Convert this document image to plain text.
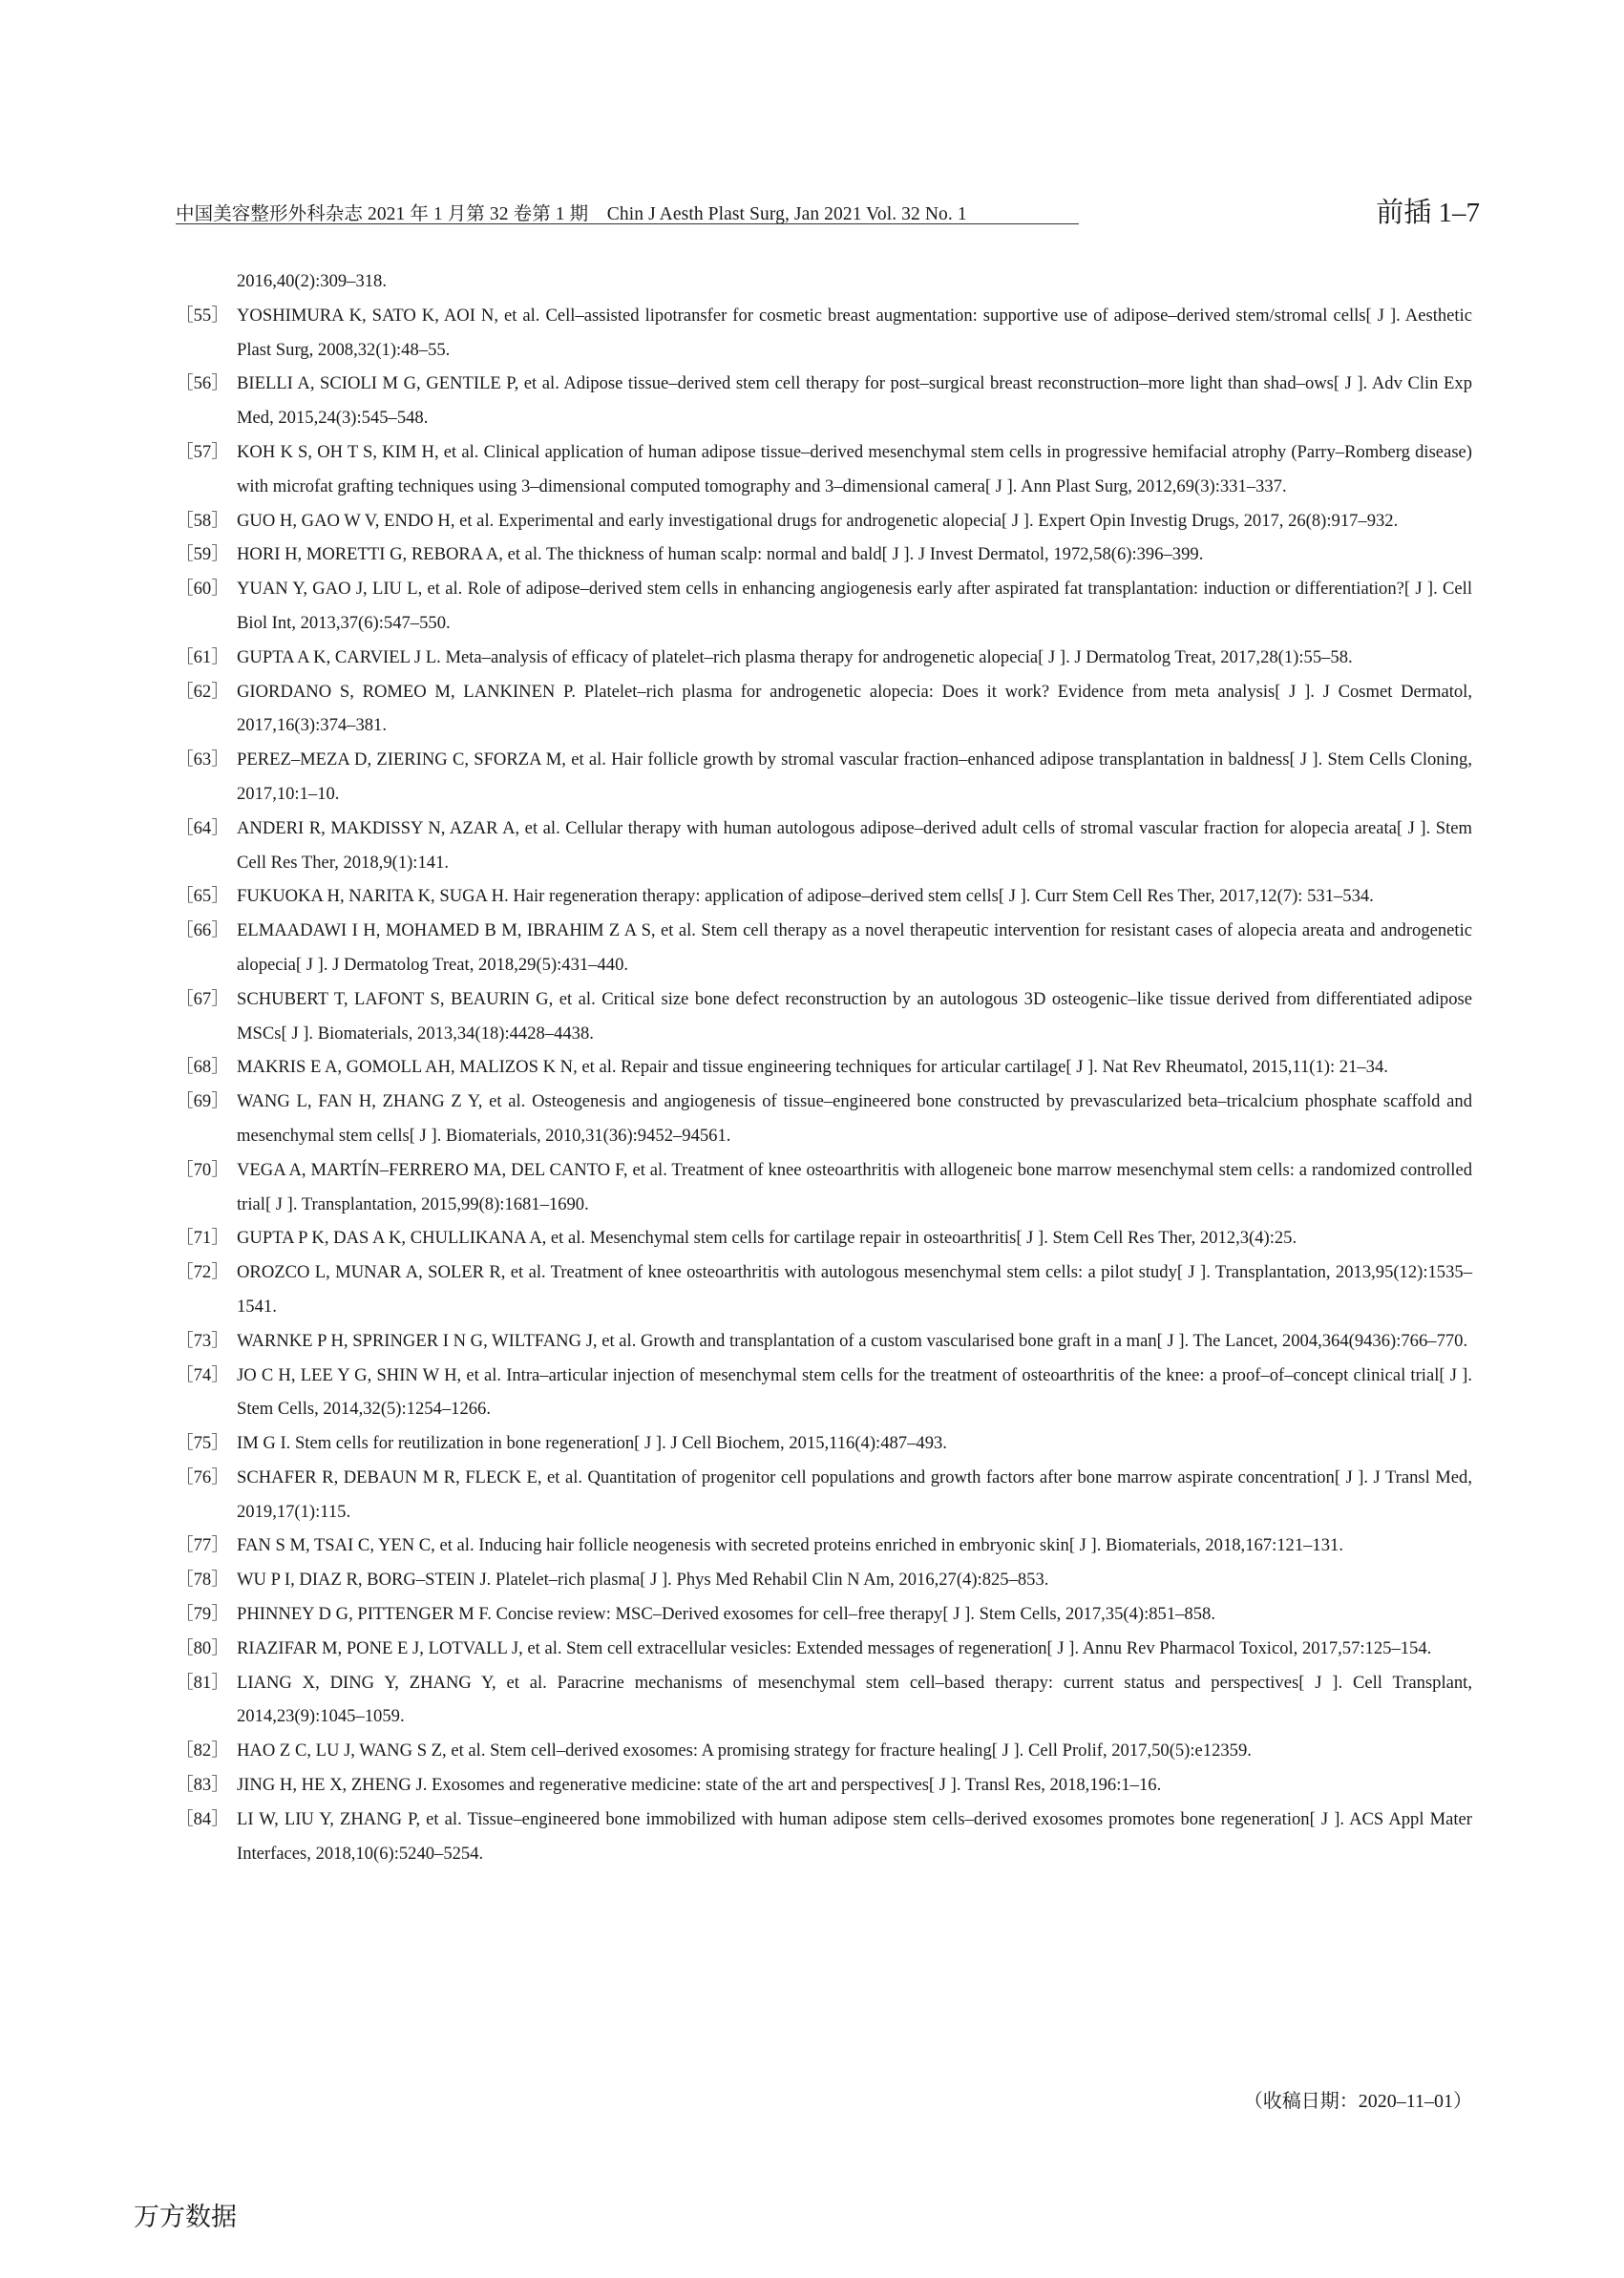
中国美容整形外科杂志 2021 年 1 月第 32 卷第 1 期　Chin J Aesth Plast Surg, Jan 2021 Vol. 32 No. 1	前插 1–7
2016,40(2):309–318.
［55］ YOSHIMURA K, SATO K, AOI N, et al. Cell–assisted lipotransfer for cosmetic breast augmentation: supportive use of adipose–derived stem/stromal cells[ J ]. Aesthetic Plast Surg, 2008,32(1):48–55.
［56］ BIELLI A, SCIOLI M G, GENTILE P, et al. Adipose tissue–derived stem cell therapy for post–surgical breast reconstruction–more light than shad–ows[ J ]. Adv Clin Exp Med, 2015,24(3):545–548.
［57］ KOH K S, OH T S, KIM H, et al. Clinical application of human adipose tissue–derived mesenchymal stem cells in progressive hemifacial atrophy (Parry–Romberg disease) with microfat grafting techniques using 3–dimensional computed tomography and 3–dimensional camera[ J ]. Ann Plast Surg, 2012,69(3):331–337.
［58］ GUO H, GAO W V, ENDO H, et al. Experimental and early investigational drugs for androgenetic alopecia[ J ]. Expert Opin Investig Drugs, 2017, 26(8):917–932.
［59］ HORI H, MORETTI G, REBORA A, et al. The thickness of human scalp: normal and bald[ J ]. J Invest Dermatol, 1972,58(6):396–399.
［60］ YUAN Y, GAO J, LIU L, et al. Role of adipose–derived stem cells in enhancing angiogenesis early after aspirated fat transplantation: induction or differentiation?[ J ]. Cell Biol Int, 2013,37(6):547–550.
［61］ GUPTA A K, CARVIEL J L. Meta–analysis of efficacy of platelet–rich plasma therapy for androgenetic alopecia[ J ]. J Dermatolog Treat, 2017,28(1):55–58.
［62］ GIORDANO S, ROMEO M, LANKINEN P. Platelet–rich plasma for androgenetic alopecia: Does it work? Evidence from meta analysis[ J ]. J Cosmet Dermatol, 2017,16(3):374–381.
［63］ PEREZ–MEZA D, ZIERING C, SFORZA M, et al. Hair follicle growth by stromal vascular fraction–enhanced adipose transplantation in baldness[ J ]. Stem Cells Cloning, 2017,10:1–10.
［64］ ANDERI R, MAKDISSY N, AZAR A, et al. Cellular therapy with human autologous adipose–derived adult cells of stromal vascular fraction for alopecia areata[ J ]. Stem Cell Res Ther, 2018,9(1):141.
［65］ FUKUOKA H, NARITA K, SUGA H. Hair regeneration therapy: application of adipose–derived stem cells[ J ]. Curr Stem Cell Res Ther, 2017,12(7): 531–534.
［66］ ELMAADAWI I H, MOHAMED B M, IBRAHIM Z A S, et al. Stem cell therapy as a novel therapeutic intervention for resistant cases of alopecia areata and androgenetic alopecia[ J ]. J Dermatolog Treat, 2018,29(5):431–440.
［67］ SCHUBERT T, LAFONT S, BEAURIN G, et al. Critical size bone defect reconstruction by an autologous 3D osteogenic–like tissue derived from differentiated adipose MSCs[ J ]. Biomaterials, 2013,34(18):4428–4438.
［68］ MAKRIS E A, GOMOLL AH, MALIZOS K N, et al. Repair and tissue engineering techniques for articular cartilage[ J ]. Nat Rev Rheumatol, 2015,11(1): 21–34.
［69］ WANG L, FAN H, ZHANG Z Y, et al. Osteogenesis and angiogenesis of tissue–engineered bone constructed by prevascularized beta–tricalcium phosphate scaffold and mesenchymal stem cells[ J ]. Biomaterials, 2010,31(36):9452–94561.
［70］ VEGA A, MARTÍN–FERRERO MA, DEL CANTO F, et al. Treatment of knee osteoarthritis with allogeneic bone marrow mesenchymal stem cells: a randomized controlled trial[ J ]. Transplantation, 2015,99(8):1681–1690.
［71］ GUPTA P K, DAS A K, CHULLIKANA A, et al. Mesenchymal stem cells for cartilage repair in osteoarthritis[ J ]. Stem Cell Res Ther, 2012,3(4):25.
［72］ OROZCO L, MUNAR A, SOLER R, et al. Treatment of knee osteoarthritis with autologous mesenchymal stem cells: a pilot study[ J ]. Transplantation, 2013,95(12):1535–1541.
［73］ WARNKE P H, SPRINGER I N G, WILTFANG J, et al. Growth and transplantation of a custom vascularised bone graft in a man[ J ]. The Lancet, 2004,364(9436):766–770.
［74］ JO C H, LEE Y G, SHIN W H, et al. Intra–articular injection of mesenchymal stem cells for the treatment of osteoarthritis of the knee: a proof–of–concept clinical trial[ J ]. Stem Cells, 2014,32(5):1254–1266.
［75］ IM G I. Stem cells for reutilization in bone regeneration[ J ]. J Cell Biochem, 2015,116(4):487–493.
［76］ SCHAFER R, DEBAUN M R, FLECK E, et al. Quantitation of progenitor cell populations and growth factors after bone marrow aspirate concentration[ J ]. J Transl Med, 2019,17(1):115.
［77］ FAN S M, TSAI C, YEN C, et al. Inducing hair follicle neogenesis with secreted proteins enriched in embryonic skin[ J ]. Biomaterials, 2018,167:121–131.
［78］ WU P I, DIAZ R, BORG–STEIN J. Platelet–rich plasma[ J ]. Phys Med Rehabil Clin N Am, 2016,27(4):825–853.
［79］ PHINNEY D G, PITTENGER M F. Concise review: MSC–Derived exosomes for cell–free therapy[ J ]. Stem Cells, 2017,35(4):851–858.
［80］ RIAZIFAR M, PONE E J, LOTVALL J, et al. Stem cell extracellular vesicles: Extended messages of regeneration[ J ]. Annu Rev Pharmacol Toxicol, 2017,57:125–154.
［81］ LIANG X, DING Y, ZHANG Y, et al. Paracrine mechanisms of mesenchymal stem cell–based therapy: current status and perspectives[ J ]. Cell Transplant, 2014,23(9):1045–1059.
［82］ HAO Z C, LU J, WANG S Z, et al. Stem cell–derived exosomes: A promising strategy for fracture healing[ J ]. Cell Prolif, 2017,50(5):e12359.
［83］ JING H, HE X, ZHENG J. Exosomes and regenerative medicine: state of the art and perspectives[ J ]. Transl Res, 2018,196:1–16.
［84］ LI W, LIU Y, ZHANG P, et al. Tissue–engineered bone immobilized with human adipose stem cells–derived exosomes promotes bone regeneration[ J ]. ACS Appl Mater Interfaces, 2018,10(6):5240–5254.
（收稿日期：2020–11–01）
万方数据
